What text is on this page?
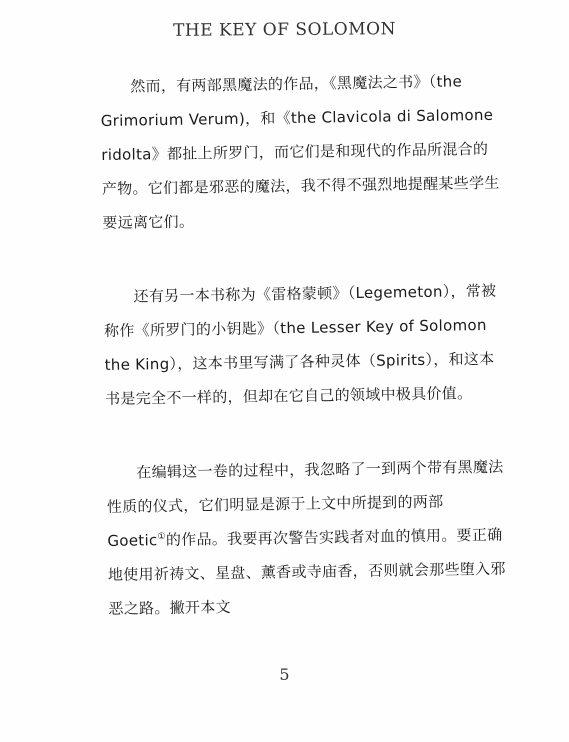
THE KEY OF SOLOMON

然而，有两部黑魔法的作品，《黑魔法之书》（the Grimorium Verum)，和《the Clavicola di Salomone ridolta》都扯上所罗门，而它们是和现代的作品所混合的产物。它们都是邪恶的魔法，我不得不强烈地提醒某些学生要远离它们。

还有另一本书称为《雷格蒙顿》（Legemeton），常被称作《所罗门的小钥匙》（the Lesser Key of Solomon the King），这本书里写满了各种灵体（Spirits），和这本书是完全不一样的，但却在它自己的领域中极具价值。

在编辑这一卷的过程中，我忽略了一到两个带有黑魔法性质的仪式，它们明显是源于上文中所提到的两部 Goetic①的作品。我要再次警告实践者对血的慎用。要正确地使用祈祷文、星盘、薰香或寺庙香，否则就会那些堕入邪恶之路。撇开本文

5
